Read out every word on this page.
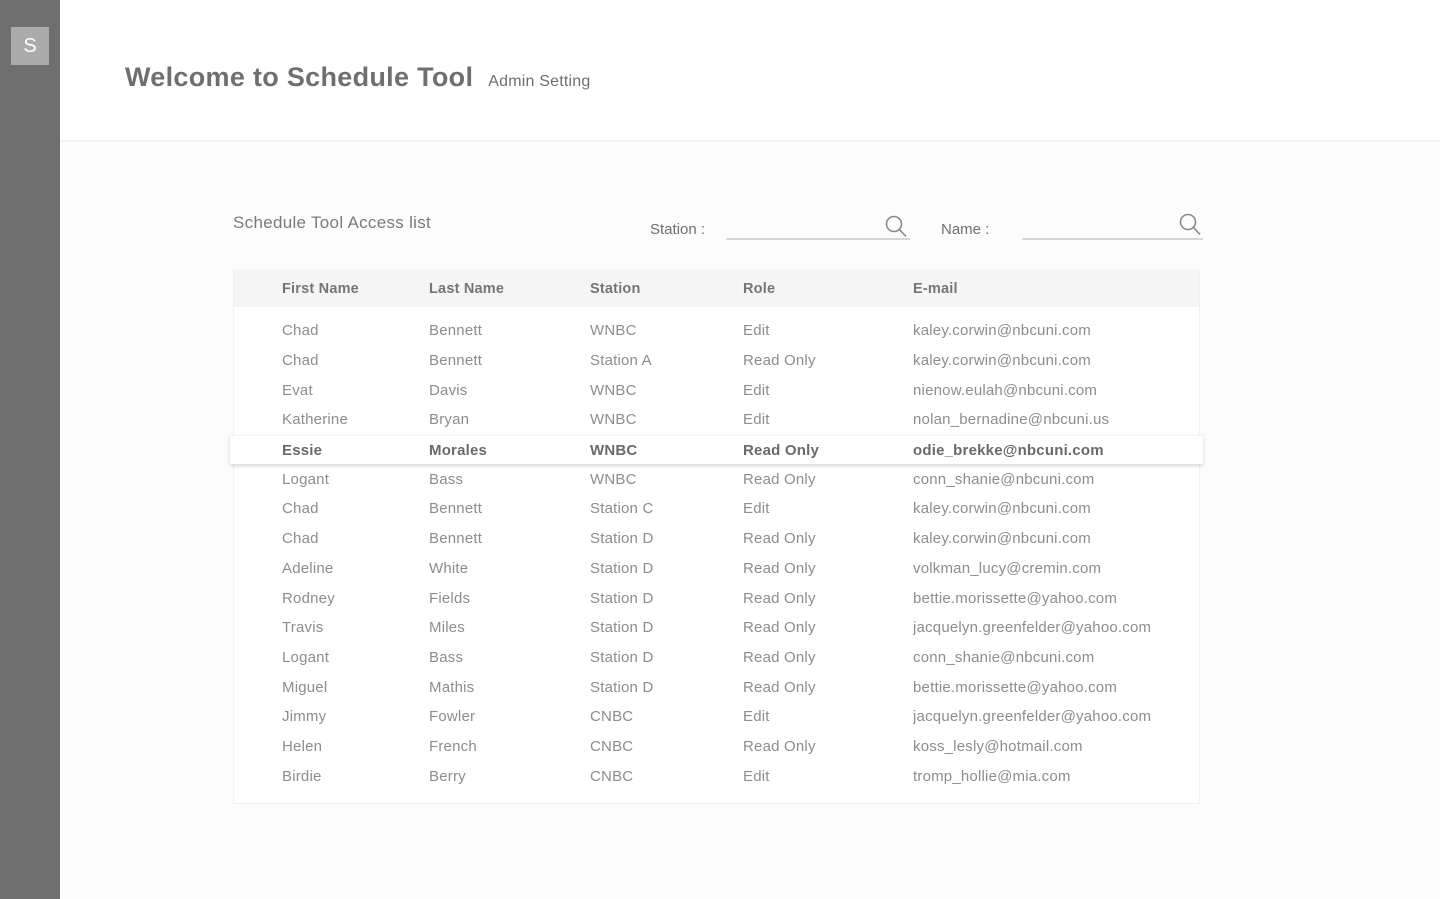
S
Welcome to Schedule Tool Admin Setting
Schedule Tool Access list	Station :	Name :
First Name	Last Name	Station	Role	E-mail
Chad	Bennett	WNBC	Edit	kaley.corwin@nbcuni.com
Chad	Bennett	Station A	Read Only	kaley.corwin@nbcuni.com
Evat	Davis	WNBC	Edit	nienow.eulah@nbcuni.com
Katherine	Bryan	WNBC	Edit	nolan_bernadine@nbcuni.us
Essie	Morales	WNBC	Read Only	odie_brekke@nbcuni.com
Logant	Bass	WNBC	Read Only	conn_shanie@nbcuni.com
Chad	Bennett	Station C	Edit	kaley.corwin@nbcuni.com
Chad	Bennett	Station D	Read Only	kaley.corwin@nbcuni.com
Adeline	White	Station D	Read Only	volkman_lucy@cremin.com
Rodney	Fields	Station D	Read Only	bettie.morissette@yahoo.com
Travis	Miles	Station D	Read Only	jacquelyn.greenfelder@yahoo.com
Logant	Bass	Station D	Read Only	conn_shanie@nbcuni.com
Miguel	Mathis	Station D	Read Only	bettie.morissette@yahoo.com
Jimmy	Fowler	CNBC	Edit	jacquelyn.greenfelder@yahoo.com
Helen	French	CNBC	Read Only	koss_lesly@hotmail.com
Birdie	Berry	CNBC	Edit	tromp_hollie@mia.com
